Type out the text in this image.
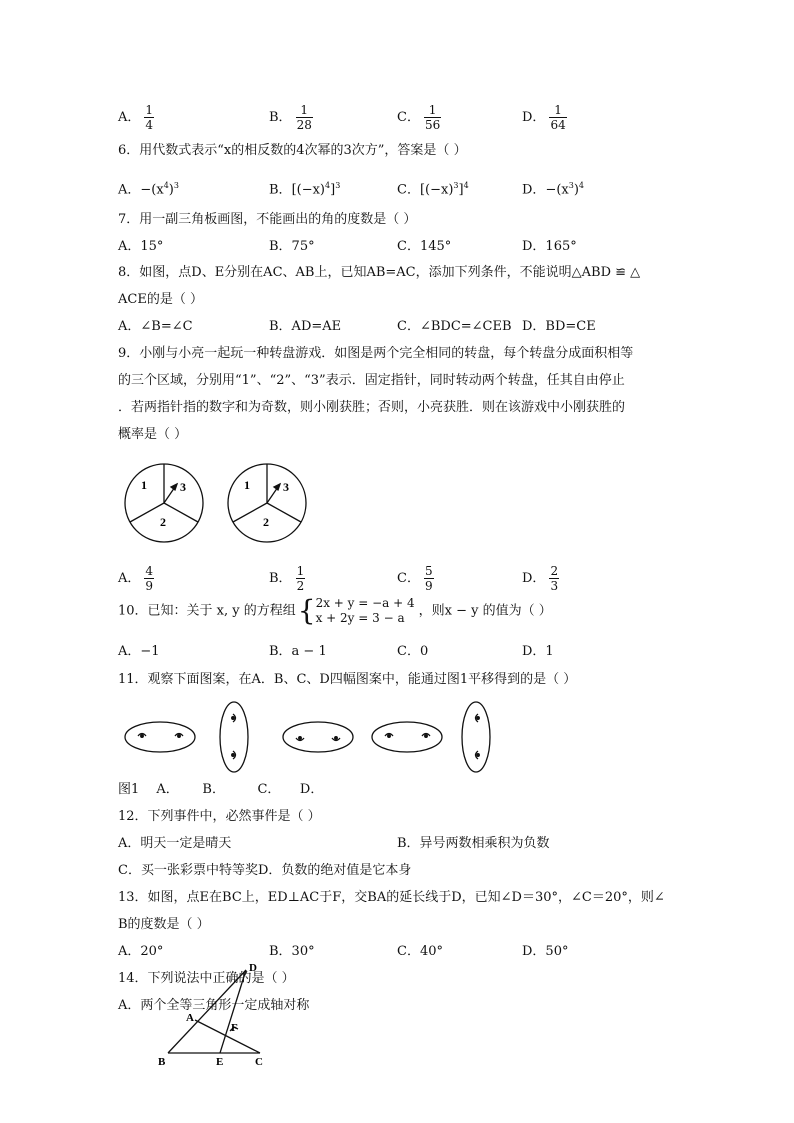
A． $\frac{1}{4}$	B． $\frac{1}{28}$	C． $\frac{1}{56}$	D． $\frac{1}{64}$
6．用代数式表示“x的相反数的4次幂的3次方”，答案是（ ）
A．$-(x^4)^3$	B．$[(-x)^4]^3$	C．$[(-x)^3]^4$	D．$-(x^3)^4$
7．用一副三角板画图，不能画出的角的度数是（ ）
A．15°	B．75°	C．145°	D．165°
8．如图，点D、E分别在AC、AB上，已知AB=AC，添加下列条件，不能说明△ABD ≌ △
ACE的是（ ）
A．∠B=∠C	B．AD=AE	C．∠BDC=∠CEB D．BD=CE
9．小刚与小亮一起玩一种转盘游戏．如图是两个完全相同的转盘，每个转盘分成面积相等
的三个区域，分别用“1”、“2”、“3”表示．固定指针，同时转动两个转盘，任其自由停止
．若两指针指的数字和为奇数，则小刚获胜；否则，小亮获胜．则在该游戏中小刚获胜的
概率是（ ）
1	3
2
1	3
2
A． $\frac{4}{9}$	B． $\frac{1}{2}$	C． $\frac{5}{9}$	D． $\frac{2}{3}$
10．已知：关于 x, y 的方程组{ 2x + y = −a + 4
x + 2y = 3 − a	，则x − y 的值为（ ）
A．−1	B．a − 1	C．0	D．1
11．观察下面图案，在A．B、C、D四幅图案中，能通过图1平移得到的是（ ）
图1　 A．　　 B．　　　C．　　D．
12．下列事件中，必然事件是（ ）
A．明天一定是晴天	B．异号两数相乘积为负数
C．买一张彩票中特等奖D．负数的绝对值是它本身
13．如图，点E在BC上，ED⊥AC于F，交BA的延长线于D，已知∠D＝30°，∠C＝20°，则∠
B的度数是（ ）
A．20°	B．30°	C．40°	D．50°
D
A
F
B	E	C
14．下列说法中正确的是（ ）
A．两个全等三角形一定成轴对称
